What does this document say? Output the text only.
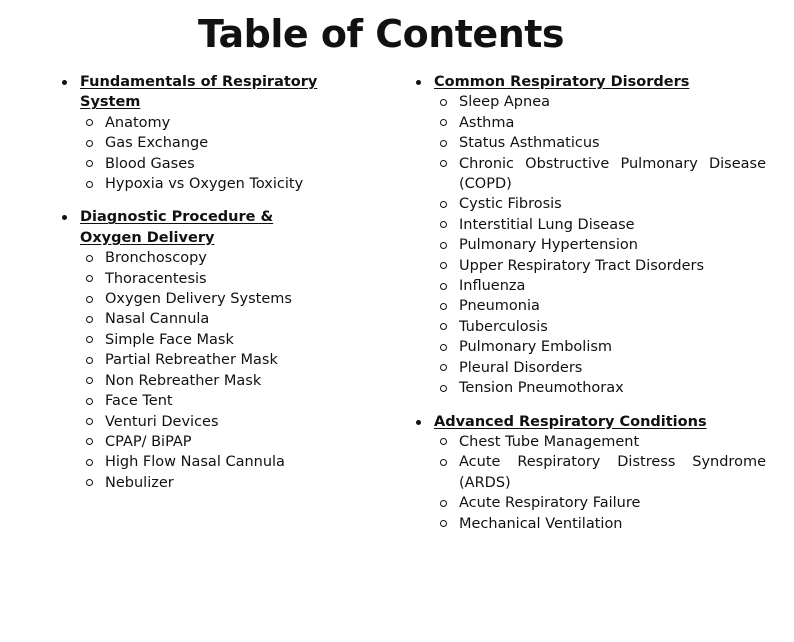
Table of Contents
Fundamentals of Respiratory System
Anatomy
Gas Exchange
Blood Gases
Hypoxia vs Oxygen Toxicity
Diagnostic Procedure & Oxygen Delivery
Bronchoscopy
Thoracentesis
Oxygen Delivery Systems
Nasal Cannula
Simple Face Mask
Partial Rebreather Mask
Non Rebreather Mask
Face Tent
Venturi Devices
CPAP/ BiPAP
High Flow Nasal Cannula
Nebulizer
Common Respiratory Disorders
Sleep Apnea
Asthma
Status Asthmaticus
Chronic Obstructive Pulmonary Disease (COPD)
Cystic Fibrosis
Interstitial Lung Disease
Pulmonary Hypertension
Upper Respiratory Tract Disorders
Influenza
Pneumonia
Tuberculosis
Pulmonary Embolism
Pleural Disorders
Tension Pneumothorax
Advanced Respiratory Conditions
Chest Tube Management
Acute Respiratory Distress Syndrome (ARDS)
Acute Respiratory Failure
Mechanical Ventilation
